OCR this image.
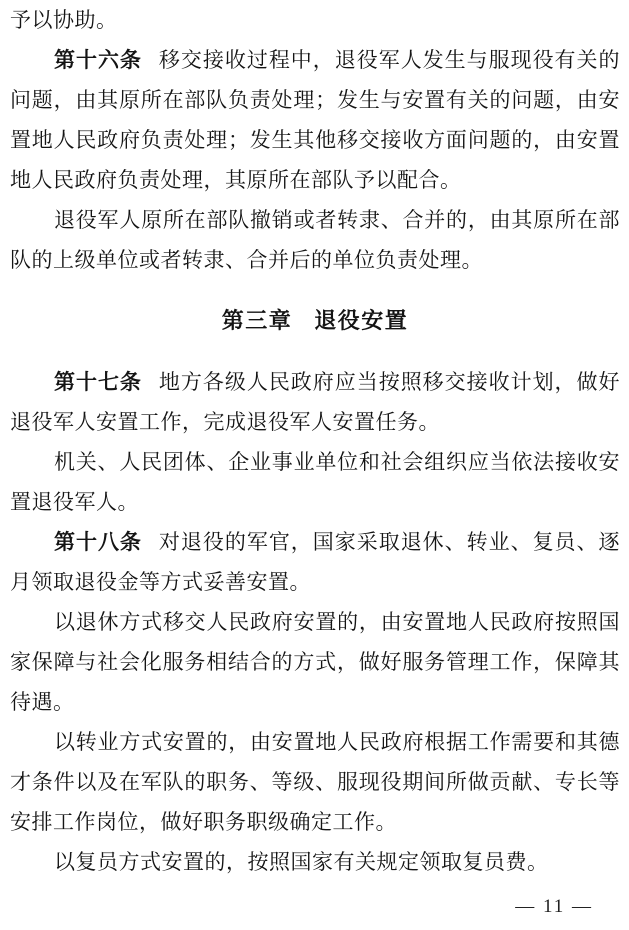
予以协助。

第十六条 移交接收过程中，退役军人发生与服现役有关的问题，由其原所在部队负责处理；发生与安置有关的问题，由安置地人民政府负责处理；发生其他移交接收方面问题的，由安置地人民政府负责处理，其原所在部队予以配合。

退役军人原所在部队撤销或者转隶、合并的，由其原所在部队的上级单位或者转隶、合并后的单位负责处理。

第三章 退役安置

第十七条 地方各级人民政府应当按照移交接收计划，做好退役军人安置工作，完成退役军人安置任务。

机关、人民团体、企业事业单位和社会组织应当依法接收安置退役军人。

第十八条 对退役的军官，国家采取退休、转业、复员、逐月领取退役金等方式妥善安置。

以退休方式移交人民政府安置的，由安置地人民政府按照国家保障与社会化服务相结合的方式，做好服务管理工作，保障其待遇。

以转业方式安置的，由安置地人民政府根据工作需要和其德才条件以及在军队的职务、等级、服现役期间所做贡献、专长等安排工作岗位，做好职务职级确定工作。

以复员方式安置的，按照国家有关规定领取复员费。

— 11 —
